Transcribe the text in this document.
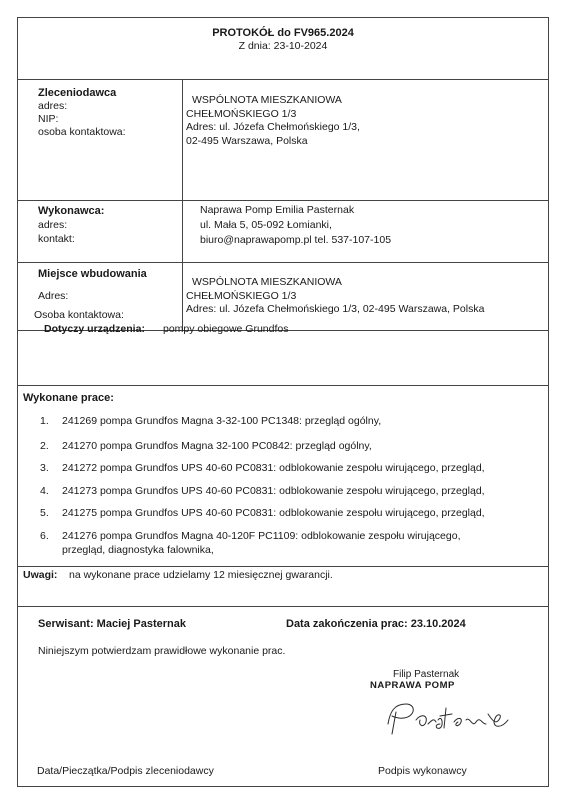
PROTOKÓŁ do FV965.2024
Z dnia: 23-10-2024
Zleceniodawca
adres:
NIP:
osoba kontaktowa:
WSPÓLNOTA MIESZKANIOWA
CHEŁMOŃSKIEGO 1/3
Adres: ul. Józefa Chełmońskiego 1/3,
02-495 Warszawa, Polska
Wykonawca:
adres:
kontakt:
Naprawa Pomp Emilia Pasternak
ul. Mała 5, 05-092 Łomianki,
biuro@naprawapomp.pl tel. 537-107-105
Miejsce wbudowania
Adres:
Osoba kontaktowa:
WSPÓLNOTA MIESZKANIOWA
CHEŁMOŃSKIEGO 1/3
Adres: ul. Józefa Chełmońskiego 1/3, 02-495 Warszawa, Polska
Dotyczy urządzenia: pompy obiegowe Grundfos
Wykonane prace:
1. 241269 pompa Grundfos Magna 3-32-100 PC1348: przegląd ogólny,
2. 241270 pompa Grundfos Magna 32-100 PC0842: przegląd ogólny,
3. 241272 pompa Grundfos UPS 40-60 PC0831: odblokowanie zespołu wirującego, przegląd,
4. 241273 pompa Grundfos UPS 40-60 PC0831: odblokowanie zespołu wirującego, przegląd,
5. 241275 pompa Grundfos UPS 40-60 PC0831: odblokowanie zespołu wirującego, przegląd,
6. 241276 pompa Grundfos Magna 40-120F PC1109: odblokowanie zespołu wirującego,
przegląd, diagnostyka falownika,
Uwagi: na wykonane prace udzielamy 12 miesięcznej gwarancji.
Serwisant: Maciej Pasternak	Data zakończenia prac: 23.10.2024
Niniejszym potwierdzam prawidłowe wykonanie prac.
Filip Pasternak
NAPRAWA POMP
Data/Pieczątka/Podpis zleceniodawcy	Podpis wykonawcy
